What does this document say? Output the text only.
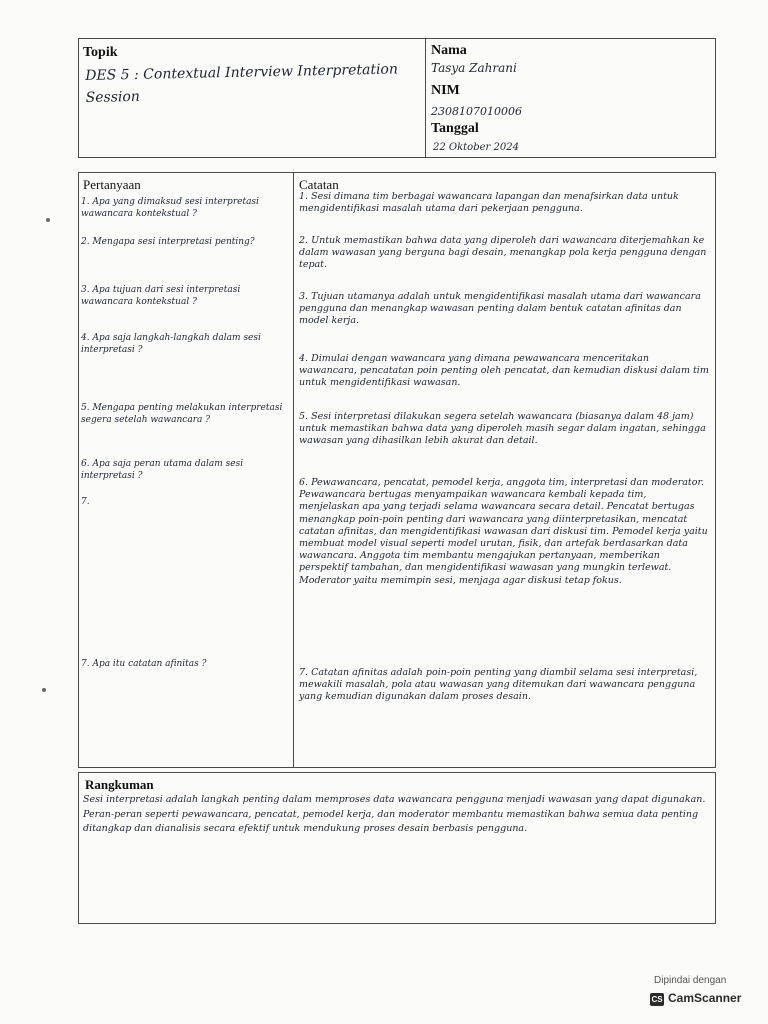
Topik
DES 5 : Contextual Interview Interpretation
Session
Nama
Tasya Zahrani
NIM
2308107010006
Tanggal
22 Oktober 2024
Pertanyaan	Catatan
1. Apa yang dimaksud sesi interpretasi wawancara kontekstual ?
2. Mengapa sesi interpretasi penting?
3. Apa tujuan dari sesi interpretasi wawancara kontekstual ?
4. Apa saja langkah-langkah dalam sesi interpretasi ?
5. Mengapa penting melakukan interpretasi segera setelah wawancara ?
6. Apa saja peran utama dalam sesi interpretasi ?
7.
7. Apa itu catatan afinitas ?
1. Sesi dimana tim berbagai wawancara lapangan dan menafsirkan data untuk mengidentifikasi masalah utama dari pekerjaan pengguna.
2. Untuk memastikan bahwa data yang diperoleh dari wawancara diterjemahkan ke dalam wawasan yang berguna bagi desain, menangkap pola kerja pengguna dengan tepat.
3. Tujuan utamanya adalah untuk mengidentifikasi masalah utama dari wawancara pengguna dan menangkap wawasan penting dalam bentuk catatan afinitas dan model kerja.
4. Dimulai dengan wawancara yang dimana pewawancara menceritakan wawancara, pencatatan poin penting oleh pencatat, dan kemudian diskusi dalam tim untuk mengidentifikasi wawasan.
5. Sesi interpretasi dilakukan segera setelah wawancara (biasanya dalam 48 jam) untuk memastikan bahwa data yang diperoleh masih segar dalam ingatan, sehingga wawasan yang dihasilkan lebih akurat dan detail.
6. Pewawancara, pencatat, pemodel kerja, anggota tim, interpretasi dan moderator. Pewawancara bertugas menyampaikan wawancara kembali kepada tim, menjelaskan apa yang terjadi selama wawancara secara detail. Pencatat bertugas menangkap poin-poin penting dari wawancara yang diinterpretasikan, mencatat catatan afinitas, dan mengidentifikasi wawasan dari diskusi tim. Pemodel kerja yaitu membuat model visual seperti model urutan, fisik, dan artefak berdasarkan data wawancara. Anggota tim membantu mengajukan pertanyaan, memberikan perspektif tambahan, dan mengidentifikasi wawasan yang mungkin terlewat. Moderator yaitu memimpin sesi, menjaga agar diskusi tetap fokus.
7. Catatan afinitas adalah poin-poin penting yang diambil selama sesi interpretasi, mewakili masalah, pola atau wawasan yang ditemukan dari wawancara pengguna yang kemudian digunakan dalam proses desain.
Rangkuman
Sesi interpretasi adalah langkah penting dalam memproses data wawancara pengguna menjadi wawasan yang dapat digunakan. Peran-peran seperti pewawancara, pencatat, pemodel kerja, dan moderator membantu memastikan bahwa semua data penting ditangkap dan dianalisis secara efektif untuk mendukung proses desain berbasis pengguna.
Dipindai dengan
CS CamScanner
